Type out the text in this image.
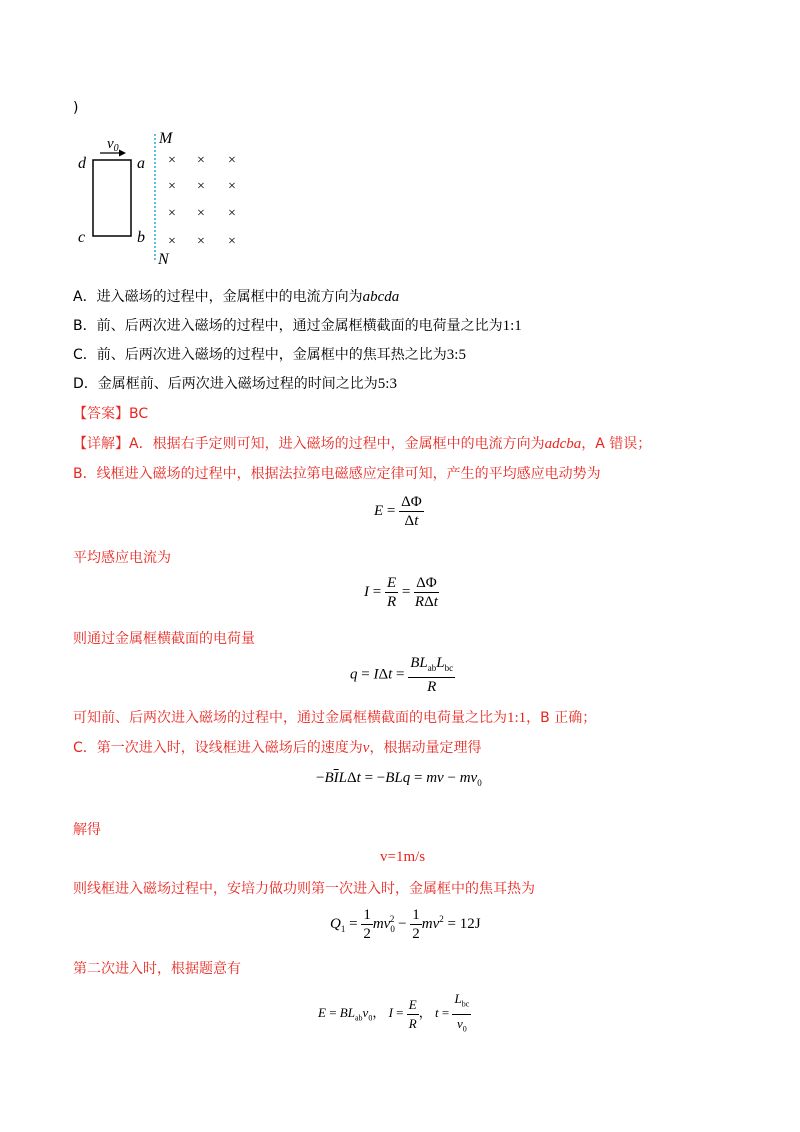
)
× × ×
× × ×
× × ×
× × ×
$v_0$
M
N
d	a
c	b
A．进入磁场的过程中，金属框中的电流方向为abcda
B．前、后两次进入磁场的过程中，通过金属框横截面的电荷量之比为1:1
C．前、后两次进入磁场的过程中，金属框中的焦耳热之比为3:5
D．金属框前、后两次进入磁场过程的时间之比为5:3
【答案】BC
【详解】A．根据右手定则可知，进入磁场的过程中，金属框中的电流方向为adcba，A 错误；
B．线框进入磁场的过程中，根据法拉第电磁感应定律可知，产生的平均感应电动势为
$E = \frac{\Delta\Phi}{\Delta t}$
平均感应电流为
$I = \frac{E}{R} = \frac{\Delta\Phi}{\text{RΔt}}$
则通过金属框横截面的电荷量
$q = I\Delta t = \frac{BL_{ab}L_{bc}}{R}$
可知前、后两次进入磁场的过程中，通过金属框横截面的电荷量之比为1:1，B 正确；
C．第一次进入时，设线框进入磁场后的速度为v，根据动量定理得
$-B\overline{I}L\Delta t = -BLq$ = mv − $mv_0$
解得
v=1m/s
则线框进入磁场过程中，安培力做功则第一次进入时，金属框中的焦耳热为
$Q_1 = \frac{1}{2} mv_0^2 - \frac{1}{2} mv^2 = 12J$
第二次进入时，根据题意有
$E = BL_{ab}v_0$， $I = \frac{E}{R}$ ， $t = \frac{L_{bc}}{v_0}$
